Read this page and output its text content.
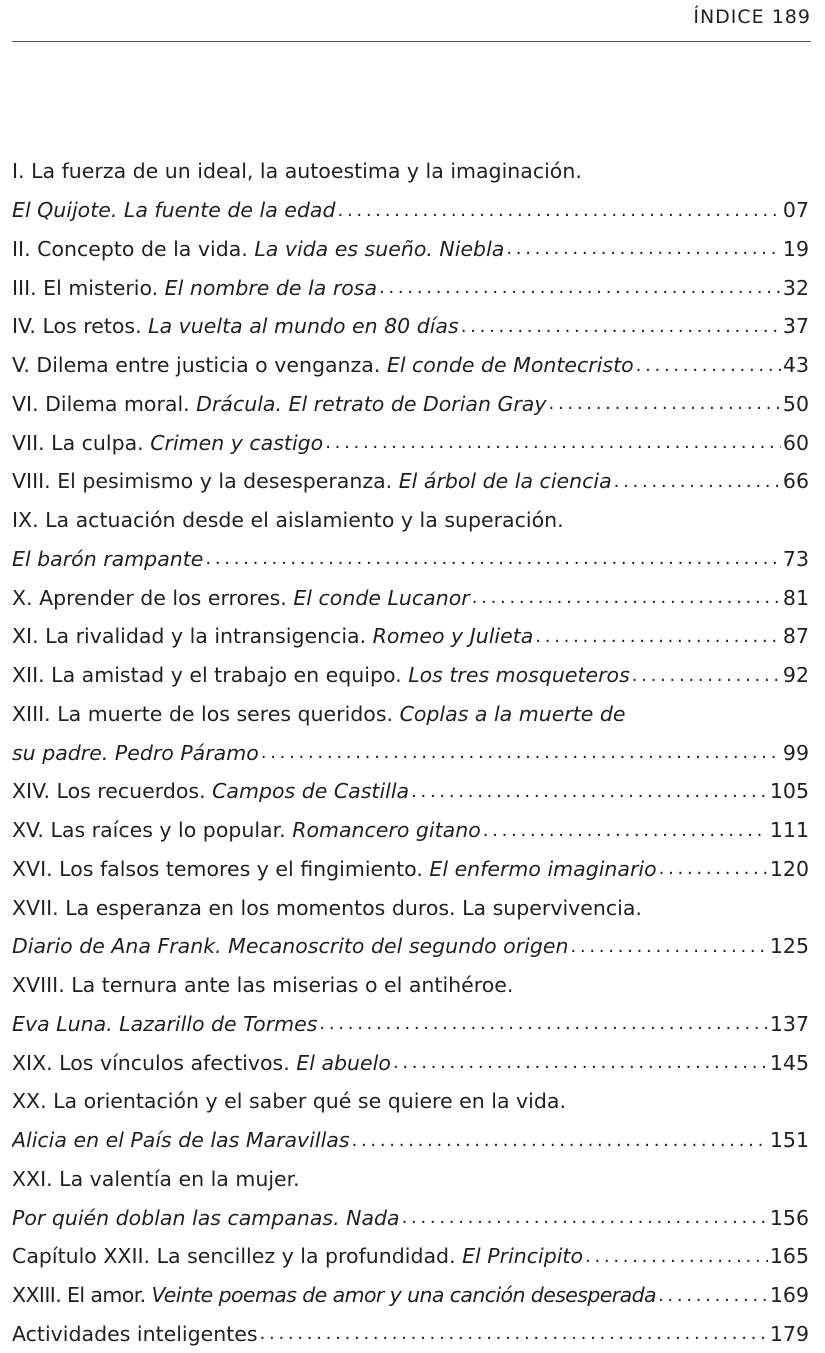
ÍNDICE 189
I. La fuerza de un ideal, la autoestima y la imaginación.
El Quijote. La fuente de la edad . . .	07
II. Concepto de la vida. La vida es sueño. Niebla . . .	19
III. El misterio. El nombre de la rosa . . .	32
IV. Los retos. La vuelta al mundo en 80 días . . .	37
V. Dilema entre justicia o venganza. El conde de Montecristo . . .	43
VI. Dilema moral. Drácula. El retrato de Dorian Gray . . .	50
VII. La culpa. Crimen y castigo . . .	60
VIII. El pesimismo y la desesperanza. El árbol de la ciencia . . .	66
IX. La actuación desde el aislamiento y la superación.
El barón rampante . . .	73
X. Aprender de los errores. El conde Lucanor . . .	81
XI. La rivalidad y la intransigencia. Romeo y Julieta . . .	87
XII. La amistad y el trabajo en equipo. Los tres mosqueteros . . .	92
XIII. La muerte de los seres queridos. Coplas a la muerte de
su padre. Pedro Páramo . . .	99
XIV. Los recuerdos. Campos de Castilla . . .	105
XV. Las raíces y lo popular. Romancero gitano . . .	111
XVI. Los falsos temores y el fingimiento. El enfermo imaginario . . .	120
XVII. La esperanza en los momentos duros. La supervivencia.
Diario de Ana Frank. Mecanoscrito del segundo origen . . .	125
XVIII. La ternura ante las miserias o el antihéroe.
Eva Luna. Lazarillo de Tormes . . .	137
XIX. Los vínculos afectivos. El abuelo . . .	145
XX. La orientación y el saber qué se quiere en la vida.
Alicia en el País de las Maravillas . . .	151
XXI. La valentía en la mujer.
Por quién doblan las campanas. Nada . . .	156
Capítulo XXII. La sencillez y la profundidad. El Principito . . .	165
XXIII. El amor. Veinte poemas de amor y una canción desesperada . . .	169
Actividades inteligentes . . .	179
